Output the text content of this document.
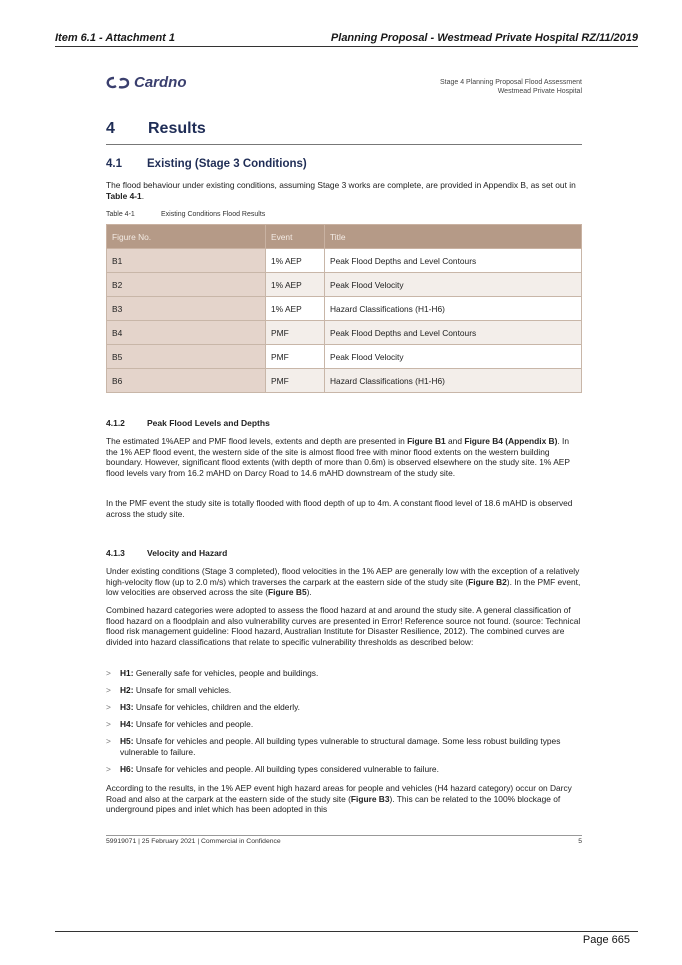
Item 6.1 - Attachment 1	Planning Proposal - Westmead Private Hospital RZ/11/2019
Cardno	Stage 4 Planning Proposal Flood Assessment
Westmead Private Hospital
4 Results
4.1 Existing (Stage 3 Conditions)
The flood behaviour under existing conditions, assuming Stage 3 works are complete, are provided in Appendix B, as set out in Table 4-1.
Table 4-1	Existing Conditions Flood Results
Figure No.	Event	Title
B1	1% AEP	Peak Flood Depths and Level Contours
B2	1% AEP	Peak Flood Velocity
B3	1% AEP	Hazard Classifications (H1-H6)
B4	PMF	Peak Flood Depths and Level Contours
B5	PMF	Peak Flood Velocity
B6	PMF	Hazard Classifications (H1-H6)
4.1.2	Peak Flood Levels and Depths
The estimated 1%AEP and PMF flood levels, extents and depth are presented in Figure B1 and Figure B4 (Appendix B). In the 1% AEP flood event, the western side of the site is almost flood free with minor flood extents on the western building boundary. However, significant flood extents (with depth of more than 0.6m) is observed elsewhere on the study site. 1% AEP flood levels vary from 16.2 mAHD on Darcy Road to 14.6 mAHD downstream of the study site.
In the PMF event the study site is totally flooded with flood depth of up to 4m. A constant flood level of 18.6 mAHD is observed across the study site.
4.1.3	Velocity and Hazard
Under existing conditions (Stage 3 completed), flood velocities in the 1% AEP are generally low with the exception of a relatively high-velocity flow (up to 2.0 m/s) which traverses the carpark at the eastern side of the study site (Figure B2). In the PMF event, low velocities are observed across the site (Figure B5).
Combined hazard categories were adopted to assess the flood hazard at and around the study site. A general classification of flood hazard on a floodplain and also vulnerability curves are presented in Error! Reference source not found. (source: Technical flood risk management guideline: Flood hazard, Australian Institute for Disaster Resilience, 2012). The combined curves are divided into hazard classifications that relate to specific vulnerability thresholds as described below:
> H1: Generally safe for vehicles, people and buildings.
> H2: Unsafe for small vehicles.
> H3: Unsafe for vehicles, children and the elderly.
> H4: Unsafe for vehicles and people.
> H5: Unsafe for vehicles and people. All building types vulnerable to structural damage. Some less robust building types vulnerable to failure.
> H6: Unsafe for vehicles and people. All building types considered vulnerable to failure.
According to the results, in the 1% AEP event high hazard areas for people and vehicles (H4 hazard category) occur on Darcy Road and also at the carpark at the eastern side of the study site (Figure B3). This can be related to the 100% blockage of underground pipes and inlet which has been adopted in this
59919071 | 25 February 2021 | Commercial in Confidence	5
Page 665
